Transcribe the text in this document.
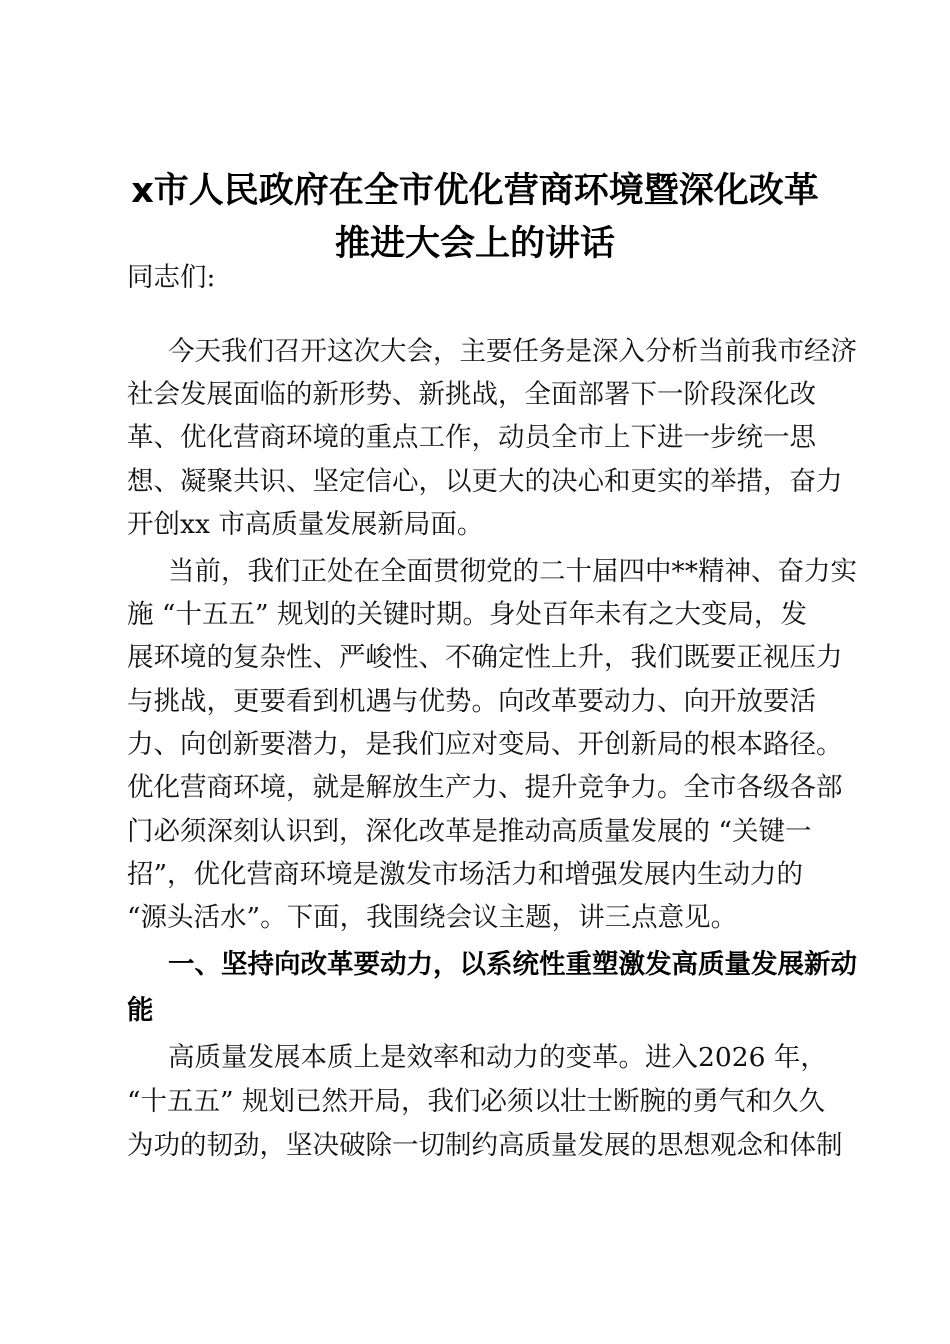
x市人民政府在全市优化营商环境暨深化改革
推进大会上的讲话
同志们:
今天我们召开这次大会，主要任务是深入分析当前我市经济
社会发展面临的新形势、新挑战，全面部署下一阶段深化改
革、优化营商环境的重点工作，动员全市上下进一步统一思
想、凝聚共识、坚定信心，以更大的决心和更实的举措，奋力
开创xx 市高质量发展新局面。
当前，我们正处在全面贯彻党的二十届四中**精神、奋力实
施 “十五五” 规划的关键时期。身处百年未有之大变局，发
展环境的复杂性、严峻性、不确定性上升，我们既要正视压力
与挑战，更要看到机遇与优势。向改革要动力、向开放要活
力、向创新要潜力，是我们应对变局、开创新局的根本路径。
优化营商环境，就是解放生产力、提升竞争力。全市各级各部
门必须深刻认识到，深化改革是推动高质量发展的 “关键一
招”，优化营商环境是激发市场活力和增强发展内生动力的
“源头活水”。下面，我围绕会议主题，讲三点意见。
一、坚持向改革要动力，以系统性重塑激发高质量发展新动
能
高质量发展本质上是效率和动力的变革。进入2026 年，
“十五五” 规划已然开局，我们必须以壮士断腕的勇气和久久
为功的韧劲，坚决破除一切制约高质量发展的思想观念和体制
